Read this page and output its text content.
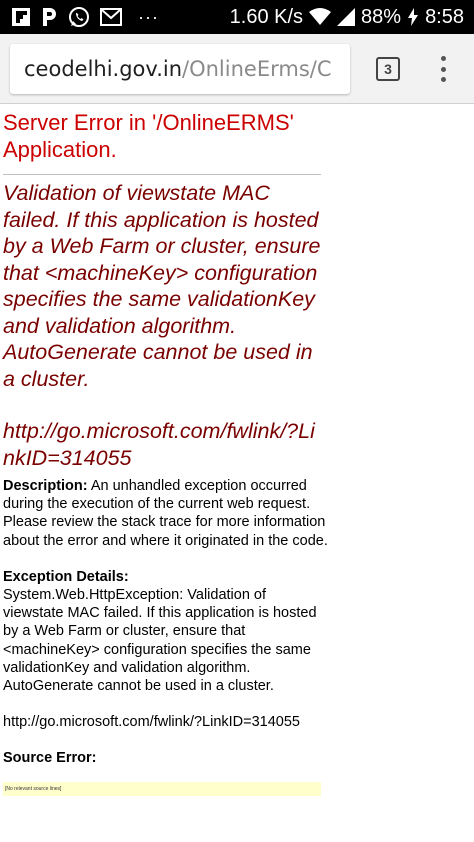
···	1.60 K/s	88% 8:58
ceodelhi.gov.in /OnlineErms/C	3
Server Error in '/OnlineERMS' Application.
Validation of viewstate MAC failed. If this application is hosted by a Web Farm or cluster, ensure that <machineKey> configuration specifies the same validationKey and validation algorithm. AutoGenerate cannot be used in a cluster.
http://go.microsoft.com/fwlink/?LinkID=314055
Description: An unhandled exception occurred during the execution of the current web request. Please review the stack trace for more information about the error and where it originated in the code.
Exception Details:
System.Web.HttpException: Validation of viewstate MAC failed. If this application is hosted by a Web Farm or cluster, ensure that <machineKey> configuration specifies the same validationKey and validation algorithm. AutoGenerate cannot be used in a cluster.
http://go.microsoft.com/fwlink/?LinkID=314055
Source Error:
[No relevant source lines]
